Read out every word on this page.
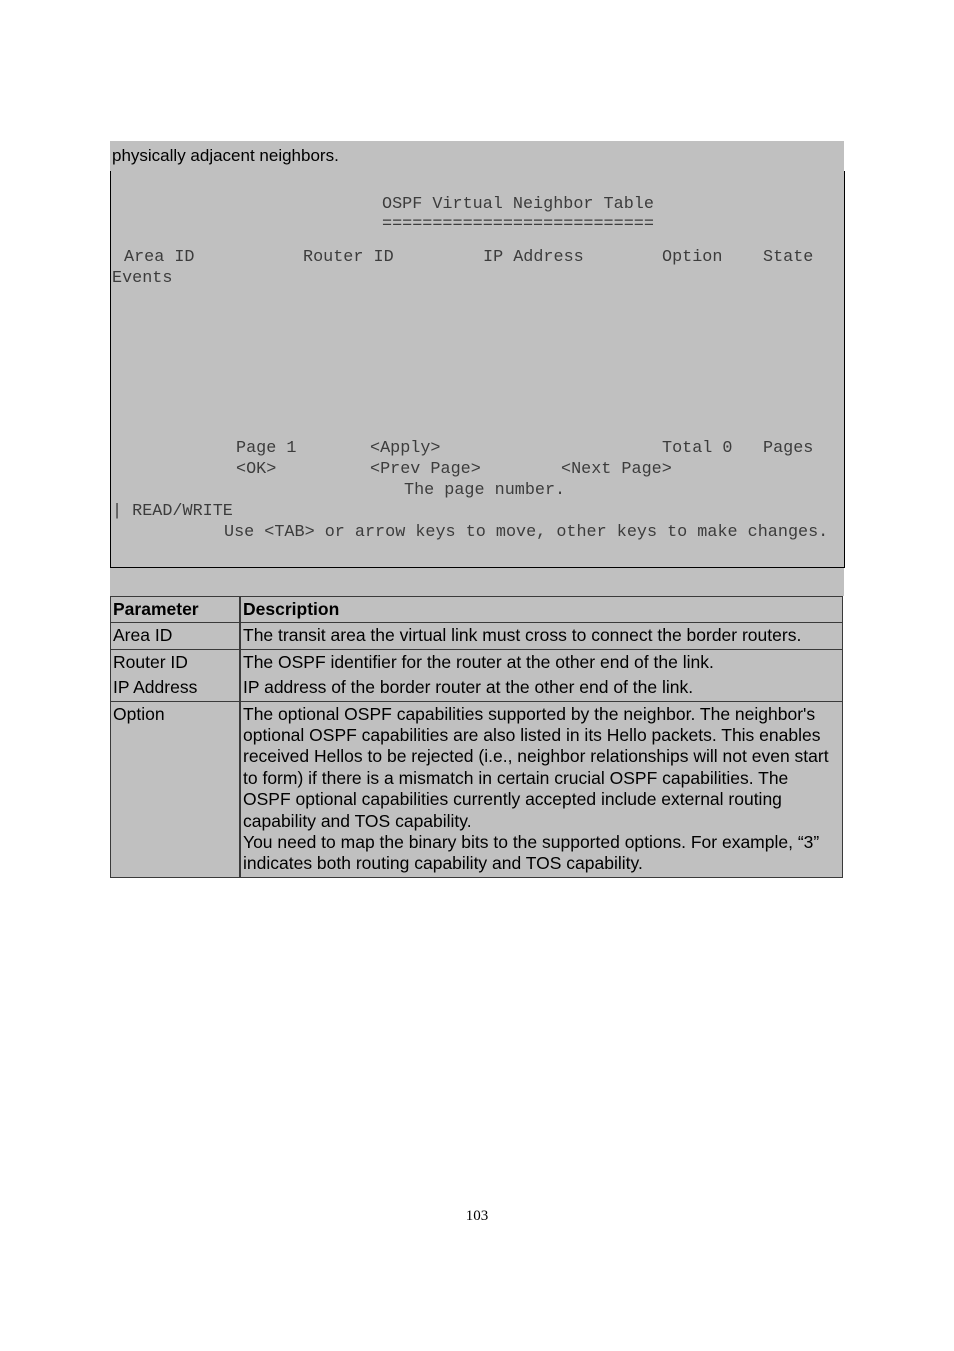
physically adjacent neighbors.
OSPF Virtual Neighbor Table
===========================
Area ID	Router ID	IP Address	Option State
Events
Page 1	<Apply>	Total 0 Pages
<OK>	<Prev Page>	<Next Page>
The page number.
| READ/WRITE
Use <TAB> or arrow keys to move, other keys to make changes.
Parameter	Description
Area ID	The transit area the virtual link must cross to connect the border routers.
Router ID	The OSPF identifier for the router at the other end of the link.
IP Address	IP address of the border router at the other end of the link.
Option	The optional OSPF capabilities supported by the neighbor. The neighbor's optional OSPF capabilities are also listed in its Hello packets. This enables received Hellos to be rejected (i.e., neighbor relationships will not even start to form) if there is a mismatch in certain crucial OSPF capabilities. The OSPF optional capabilities currently accepted include external routing capability and TOS capability.
You need to map the binary bits to the supported options. For example, “3” indicates both routing capability and TOS capability.
103
